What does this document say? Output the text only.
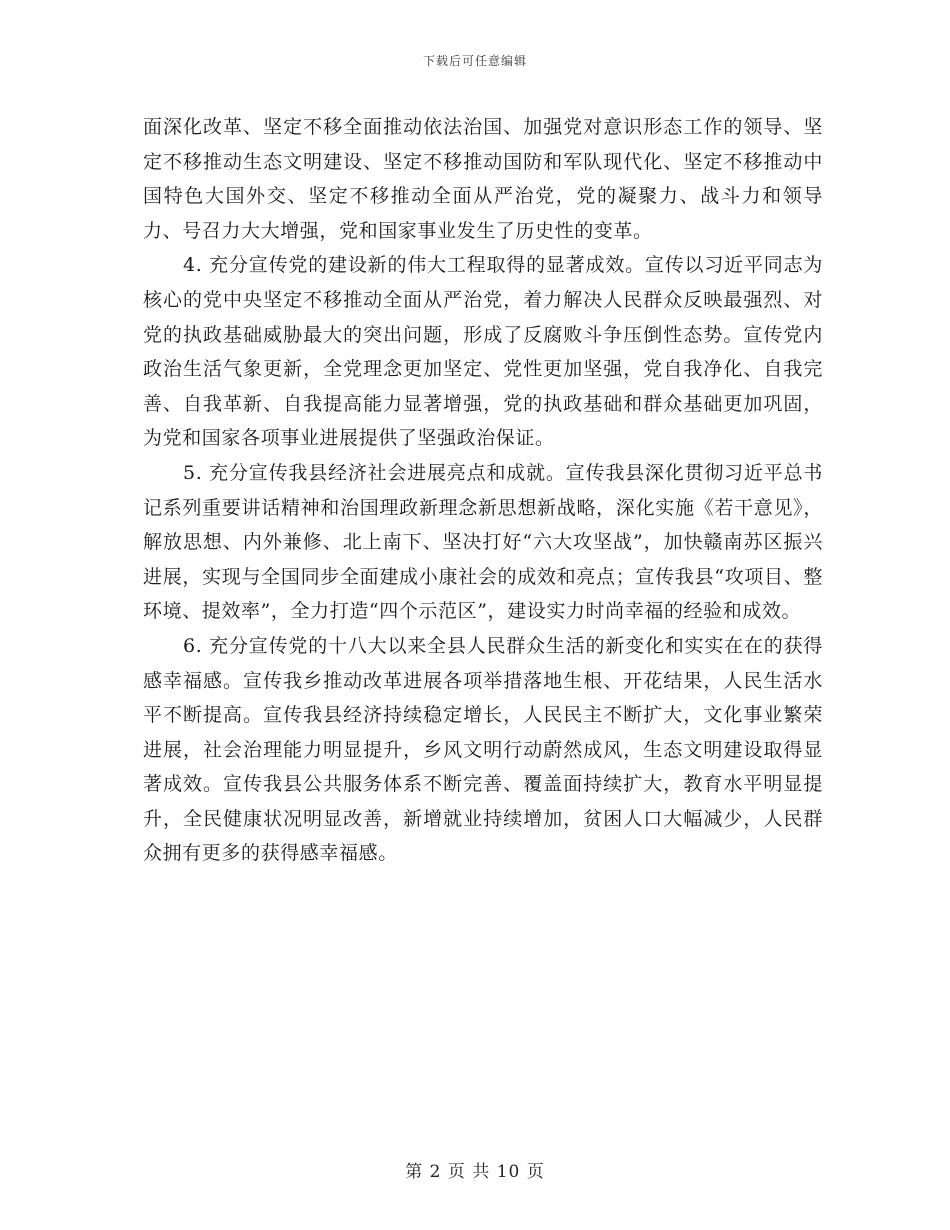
下载后可任意编辑

面深化改革、坚定不移全面推动依法治国、加强党对意识形态工作的领导、坚定不移推动生态文明建设、坚定不移推动国防和军队现代化、坚定不移推动中国特色大国外交、坚定不移推动全面从严治党，党的凝聚力、战斗力和领导力、号召力大大增强，党和国家事业发生了历史性的变革。

4. 充分宣传党的建设新的伟大工程取得的显著成效。宣传以习近平同志为核心的党中央坚定不移推动全面从严治党，着力解决人民群众反映最强烈、对党的执政基础威胁最大的突出问题，形成了反腐败斗争压倒性态势。宣传党内政治生活气象更新，全党理念更加坚定、党性更加坚强，党自我净化、自我完善、自我革新、自我提高能力显著增强，党的执政基础和群众基础更加巩固，为党和国家各项事业进展提供了坚强政治保证。

5. 充分宣传我县经济社会进展亮点和成就。宣传我县深化贯彻习近平总书记系列重要讲话精神和治国理政新理念新思想新战略，深化实施《若干意见》，解放思想、内外兼修、北上南下、坚决打好“六大攻坚战”，加快赣南苏区振兴进展，实现与全国同步全面建成小康社会的成效和亮点；宣传我县“攻项目、整环境、提效率”，全力打造“四个示范区”，建设实力时尚幸福的经验和成效。

6. 充分宣传党的十八大以来全县人民群众生活的新变化和实实在在的获得感幸福感。宣传我乡推动改革进展各项举措落地生根、开花结果，人民生活水平不断提高。宣传我县经济持续稳定增长，人民民主不断扩大，文化事业繁荣进展，社会治理能力明显提升，乡风文明行动蔚然成风，生态文明建设取得显著成效。宣传我县公共服务体系不断完善、覆盖面持续扩大，教育水平明显提升，全民健康状况明显改善，新增就业持续增加，贫困人口大幅减少，人民群众拥有更多的获得感幸福感。

第 2 页 共 10 页
